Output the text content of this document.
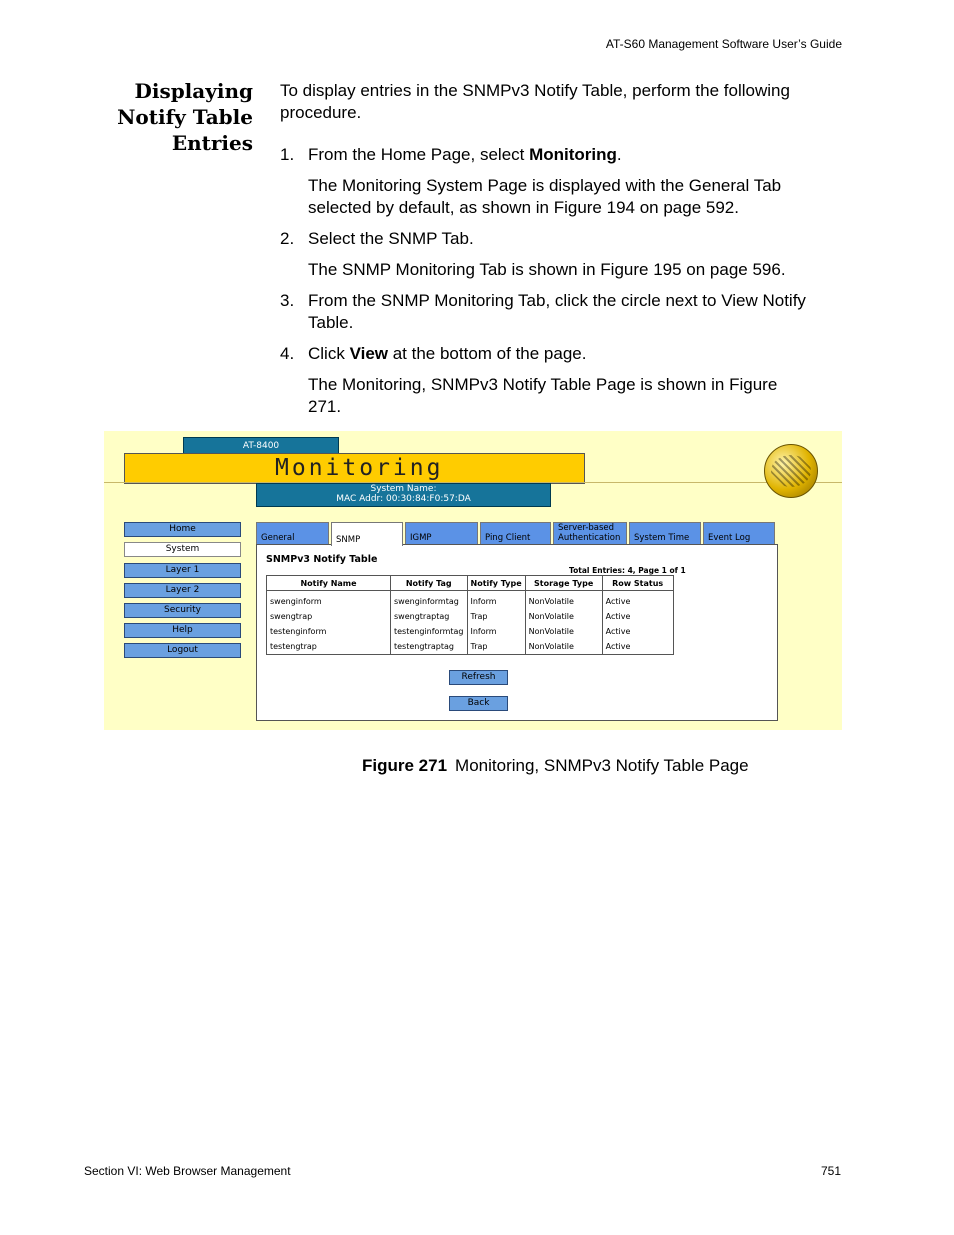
AT-S60 Management Software User’s Guide
Displaying
Notify Table
Entries
To display entries in the SNMPv3 Notify Table, perform the following procedure.
1. From the Home Page, select Monitoring.
The Monitoring System Page is displayed with the General Tab selected by default, as shown in Figure 194 on page 592.
2. Select the SNMP Tab.
The SNMP Monitoring Tab is shown in Figure 195 on page 596.
3. From the SNMP Monitoring Tab, click the circle next to View Notify Table.
4. Click View at the bottom of the page.
The Monitoring, SNMPv3 Notify Table Page is shown in Figure 271.
AT-8400
Monitoring
System Name:
MAC Addr: 00:30:84:F0:57:DA
Home
System
Layer 1
Layer 2
Security
Help
Logout
General	SNMP	IGMP	Ping Client
Server-based Authentication	System Time	Event Log
SNMPv3 Notify Table
Total Entries: 4, Page 1 of 1
Notify Name	Notify Tag	Notify Type	Storage Type	Row Status
swenginform	swenginformtag	Inform	NonVolatile	Active
swengtrap	swengtraptag	Trap	NonVolatile	Active
testenginform	testenginformtag	Inform	NonVolatile	Active
testengtrap	testengtraptag	Trap	NonVolatile	Active
Refresh
Back
Figure 271 Monitoring, SNMPv3 Notify Table Page
Section VI: Web Browser Management	751
